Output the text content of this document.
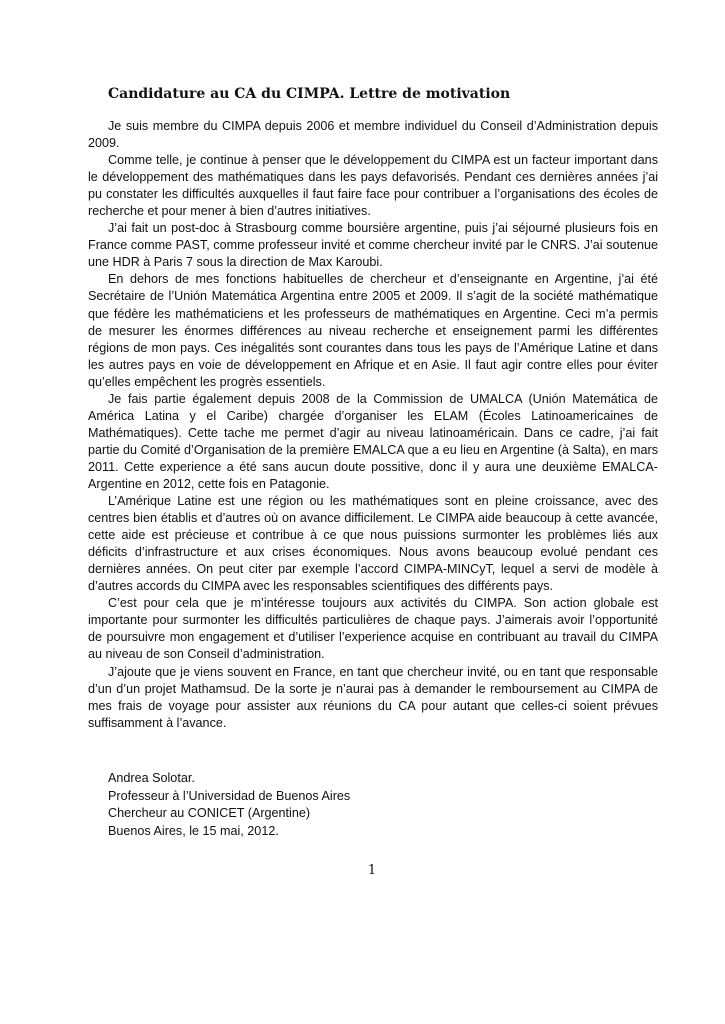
Candidature au CA du CIMPA. Lettre de motivation

Je suis membre du CIMPA depuis 2006 et membre individuel du Conseil d’Administration depuis 2009.

Comme telle, je continue à penser que le développement du CIMPA est un facteur important dans le développement des mathématiques dans les pays defavorisés. Pendant ces dernières années j’ai pu constater les difficultés auxquelles il faut faire face pour contribuer a l’organisations des écoles de recherche et pour mener à bien d’autres initiatives.

J’ai fait un post-doc à Strasbourg comme boursière argentine, puis j’ai séjourné plusieurs fois en France comme PAST, comme professeur invité et comme chercheur invité par le CNRS. J’ai soutenue une HDR à Paris 7 sous la direction de Max Karoubi.

En dehors de mes fonctions habituelles de chercheur et d’enseignante en Argentine, j’ai été Secrétaire de l’Unión Matemática Argentina entre 2005 et 2009. Il s’agit de la société mathématique que fédère les mathématiciens et les professeurs de mathématiques en Argentine. Ceci m’a permis de mesurer les énormes différences au niveau recherche et enseignement parmi les différentes régions de mon pays. Ces inégalités sont courantes dans tous les pays de l’Amérique Latine et dans les autres pays en voie de développement en Afrique et en Asie. Il faut agir contre elles pour éviter qu’elles empêchent les progrès essentiels.

Je fais partie également depuis 2008 de la Commission de UMALCA (Unión Matemática de América Latina y el Caribe) chargée d’organiser les ELAM (Écoles Latinoamericaines de Mathématiques). Cette tache me permet d’agir au niveau latinoaméricain. Dans ce cadre, j’ai fait partie du Comité d’Organisation de la première EMALCA que a eu lieu en Argentine (à Salta), en mars 2011. Cette experience a été sans aucun doute possitive, donc il y aura une deuxième EMALCA-Argentine en 2012, cette fois en Patagonie.

L’Amérique Latine est une région ou les mathématiques sont en pleine croissance, avec des centres bien établis et d’autres où on avance difficilement. Le CIMPA aide beaucoup à cette avancée, cette aide est précieuse et contribue à ce que nous puissions surmonter les problèmes liés aux déficits d’infrastructure et aux crises économiques. Nous avons beaucoup evolué pendant ces dernières années. On peut citer par exemple l’accord CIMPA-MINCyT, lequel a servi de modèle à d’autres accords du CIMPA avec les responsables scientifiques des différents pays.

C’est pour cela que je m’intéresse toujours aux activités du CIMPA. Son action globale est importante pour surmonter les difficultés particulières de chaque pays. J’aimerais avoir l’opportunité de poursuivre mon engagement et d’utiliser l’experience acquise en contribuant au travail du CIMPA au niveau de son Conseil d’administration.

J’ajoute que je viens souvent en France, en tant que chercheur invité, ou en tant que responsable d’un d’un projet Mathamsud. De la sorte je n’aurai pas à demander le remboursement au CIMPA de mes frais de voyage pour assister aux réunions du CA pour autant que celles-ci soient prévues suffisamment à l’avance.

Andrea Solotar.
Professeur à l’Universidad de Buenos Aires
Chercheur au CONICET (Argentine)
Buenos Aires, le 15 mai, 2012.
1
